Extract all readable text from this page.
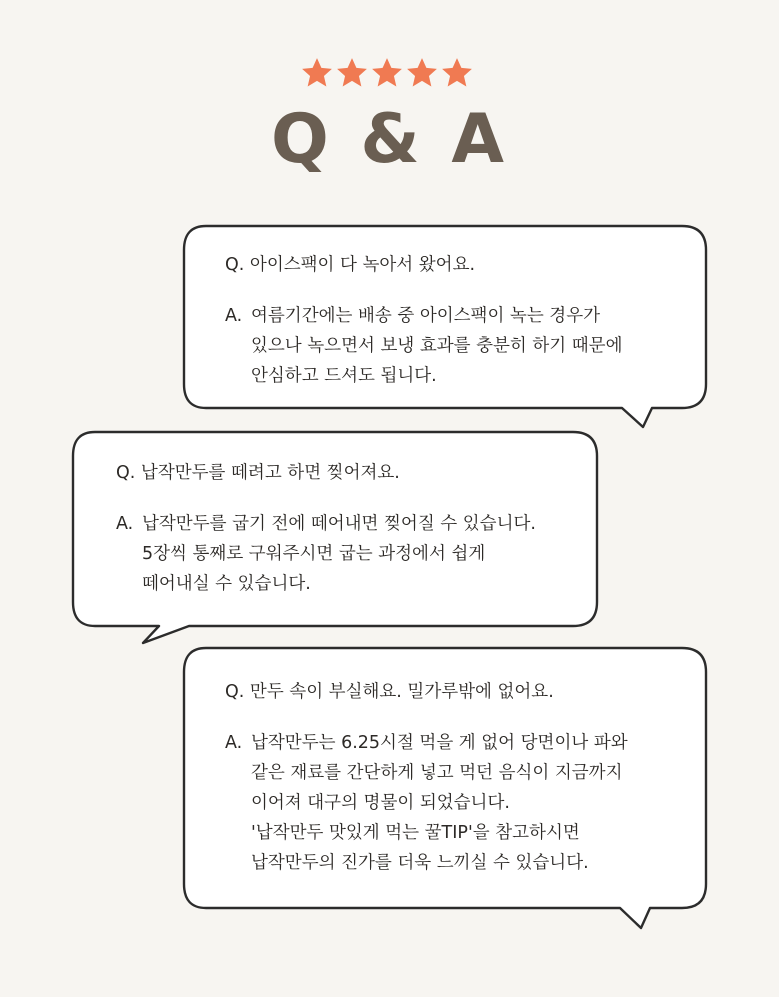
Q & A
Q. 아이스팩이 다 녹아서 왔어요.
A. 여름기간에는 배송 중 아이스팩이 녹는 경우가
있으나 녹으면서 보냉 효과를 충분히 하기 때문에
안심하고 드셔도 됩니다.
Q. 납작만두를 떼려고 하면 찢어져요.
A. 납작만두를 굽기 전에 떼어내면 찢어질 수 있습니다.
5장씩 통째로 구워주시면 굽는 과정에서 쉽게
떼어내실 수 있습니다.
Q. 만두 속이 부실해요. 밀가루밖에 없어요.
A. 납작만두는 6.25시절 먹을 게 없어 당면이나 파와
같은 재료를 간단하게 넣고 먹던 음식이 지금까지
이어져 대구의 명물이 되었습니다.
'납작만두 맛있게 먹는 꿀TIP'을 참고하시면
납작만두의 진가를 더욱 느끼실 수 있습니다.
